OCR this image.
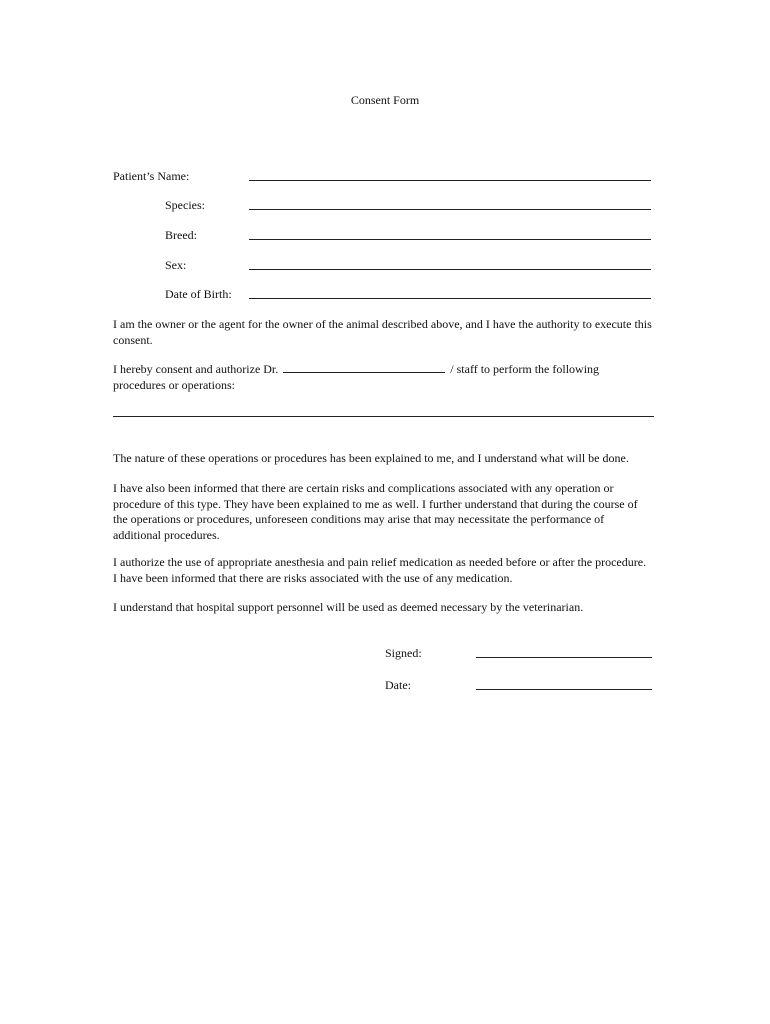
Consent Form
Patient’s Name:
Species:
Breed:
Sex:
Date of Birth:
I am the owner or the agent for the owner of the animal described above, and I have the authority to execute this consent.
I hereby consent and authorize Dr.	/ staff to perform the following procedures or operations:
The nature of these operations or procedures has been explained to me, and I understand what will be done.
I have also been informed that there are certain risks and complications associated with any operation or procedure of this type. They have been explained to me as well. I further understand that during the course of the operations or procedures, unforeseen conditions may arise that may necessitate the performance of additional procedures.
I authorize the use of appropriate anesthesia and pain relief medication as needed before or after the procedure. I have been informed that there are risks associated with the use of any medication.
I understand that hospital support personnel will be used as deemed necessary by the veterinarian.
Signed:
Date:
